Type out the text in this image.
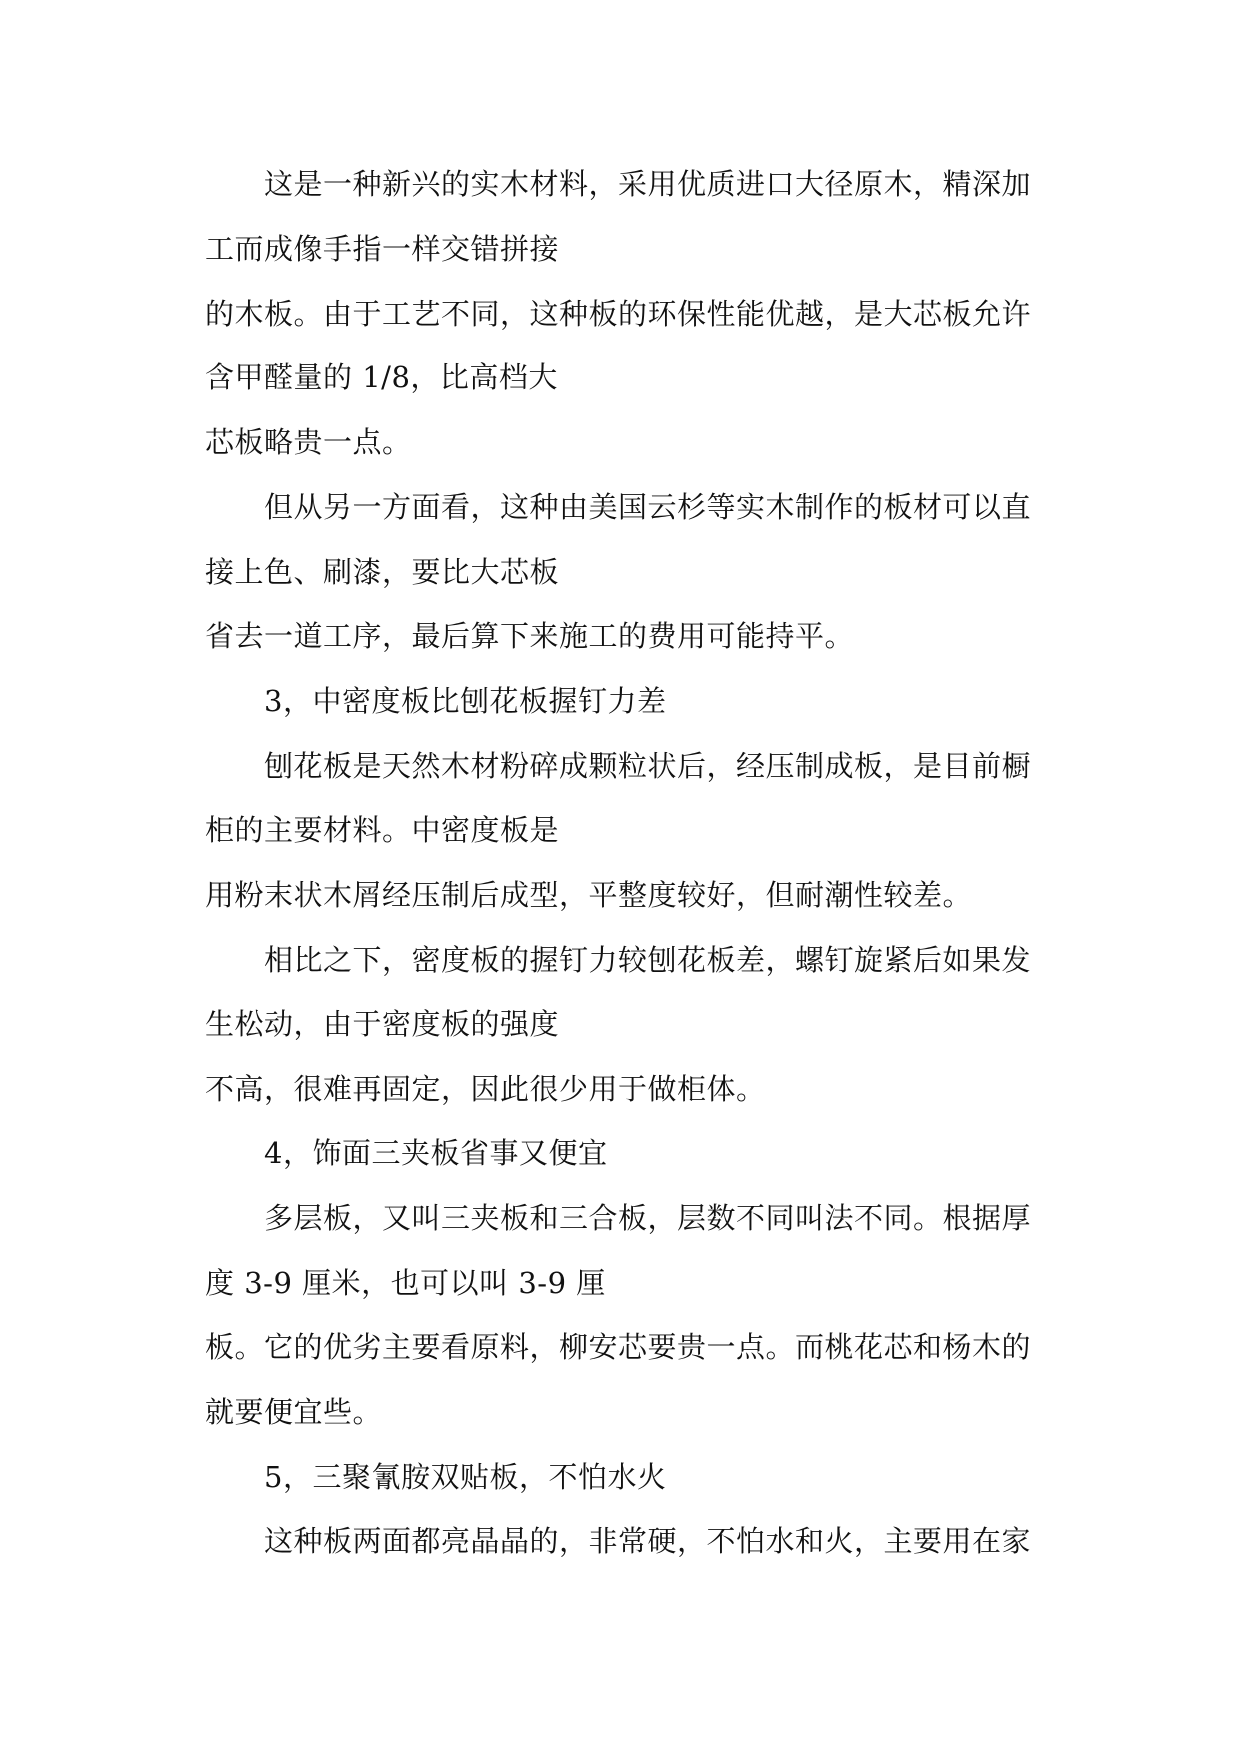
这是一种新兴的实木材料，采用优质进口大径原木，精深加
工而成像手指一样交错拼接
的木板。由于工艺不同，这种板的环保性能优越，是大芯板允许
含甲醛量的 1/8，比高档大
芯板略贵一点。
但从另一方面看，这种由美国云杉等实木制作的板材可以直
接上色、刷漆，要比大芯板
省去一道工序，最后算下来施工的费用可能持平。
3，中密度板比刨花板握钉力差
刨花板是天然木材粉碎成颗粒状后，经压制成板，是目前橱
柜的主要材料。中密度板是
用粉末状木屑经压制后成型，平整度较好，但耐潮性较差。
相比之下，密度板的握钉力较刨花板差，螺钉旋紧后如果发
生松动，由于密度板的强度
不高，很难再固定，因此很少用于做柜体。
4，饰面三夹板省事又便宜
多层板，又叫三夹板和三合板，层数不同叫法不同。根据厚
度 3-9 厘米，也可以叫 3-9 厘
板。它的优劣主要看原料，柳安芯要贵一点。而桃花芯和杨木的
就要便宜些。
5，三聚氰胺双贴板，不怕水火
这种板两面都亮晶晶的，非常硬，不怕水和火，主要用在家
